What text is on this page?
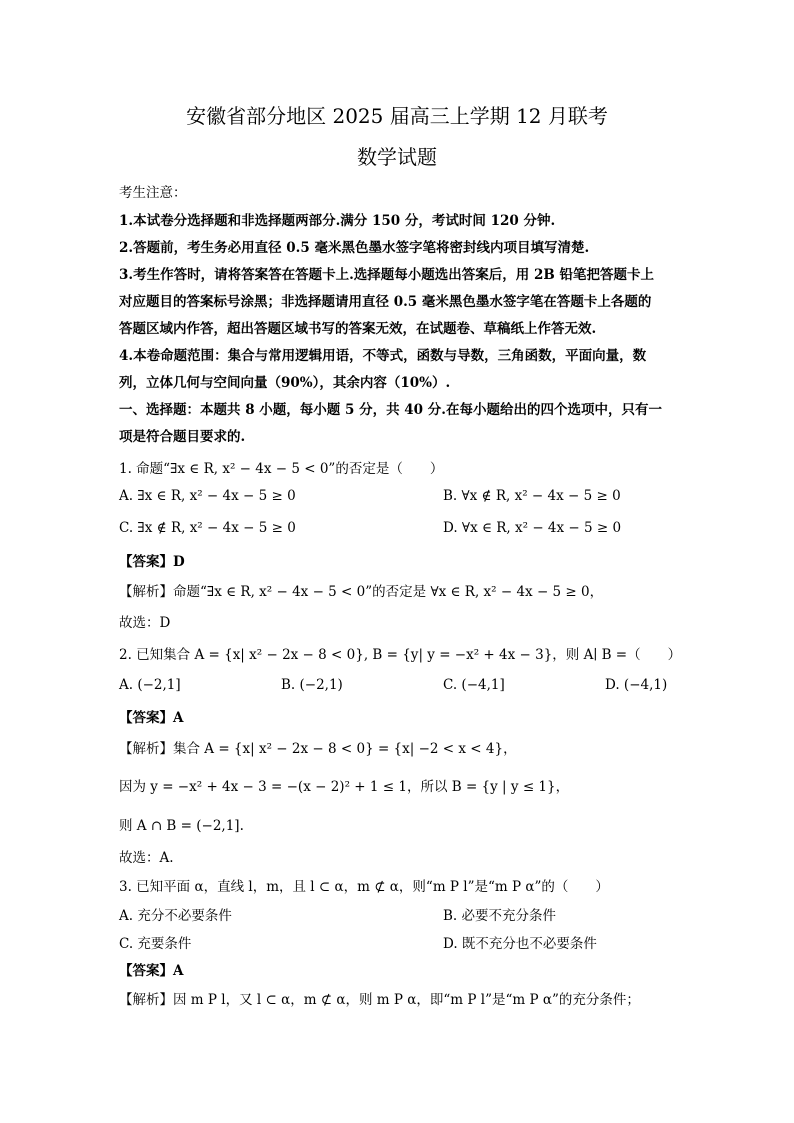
安徽省部分地区 2025 届高三上学期 12 月联考
数学试题
考生注意：
1.本试卷分选择题和非选择题两部分.满分 150 分，考试时间 120 分钟.
2.答题前，考生务必用直径 0.5 毫米黑色墨水签字笔将密封线内项目填写清楚.
3.考生作答时，请将答案答在答题卡上.选择题每小题选出答案后，用 2B 铅笔把答题卡上
对应题目的答案标号涂黑；非选择题请用直径 0.5 毫米黑色墨水签字笔在答题卡上各题的
答题区域内作答，超出答题区域书写的答案无效，在试题卷、草稿纸上作答无效.
4.本卷命题范围：集合与常用逻辑用语，不等式，函数与导数，三角函数，平面向量，数
列，立体几何与空间向量（90%），其余内容（10%）.
一、选择题：本题共 8 小题，每小题 5 分，共 40 分.在每小题给出的四个选项中，只有一
项是符合题目要求的.
1. 命题“∃x ∈ R, x² − 4x − 5 < 0”的否定是（　　）
A. ∃x ∈ R, x² − 4x − 5 ≥ 0	B. ∀x ∉ R, x² − 4x − 5 ≥ 0
C. ∃x ∉ R, x² − 4x − 5 ≥ 0	D. ∀x ∈ R, x² − 4x − 5 ≥ 0
【答案】D
【解析】命题“∃x ∈ R, x² − 4x − 5 < 0”的否定是 ∀x ∈ R, x² − 4x − 5 ≥ 0，
故选：D
2. 已知集合 A = {x| x² − 2x − 8 < 0}, B = {y| y = −x² + 4x − 3}，则 A∣ B =（　　）
A. (−2,1]	B. (−2,1)	C. (−4,1]	D. (−4,1)
【答案】A
【解析】集合 A = {x| x² − 2x − 8 < 0} = {x| −2 < x < 4}，
因为 y = −x² + 4x − 3 = −(x − 2)² + 1 ≤ 1，所以 B = {y | y ≤ 1}，
则 A ∩ B = (−2,1].
故选：A.
3. 已知平面 α，直线 l，m，且 l ⊂ α，m ⊄ α，则“m P l”是“m P α”的（　　）
A. 充分不必要条件	B. 必要不充分条件
C. 充要条件	D. 既不充分也不必要条件
【答案】A
【解析】因 m P l，又 l ⊂ α，m ⊄ α，则 m P α，即“m P l”是“m P α”的充分条件；
